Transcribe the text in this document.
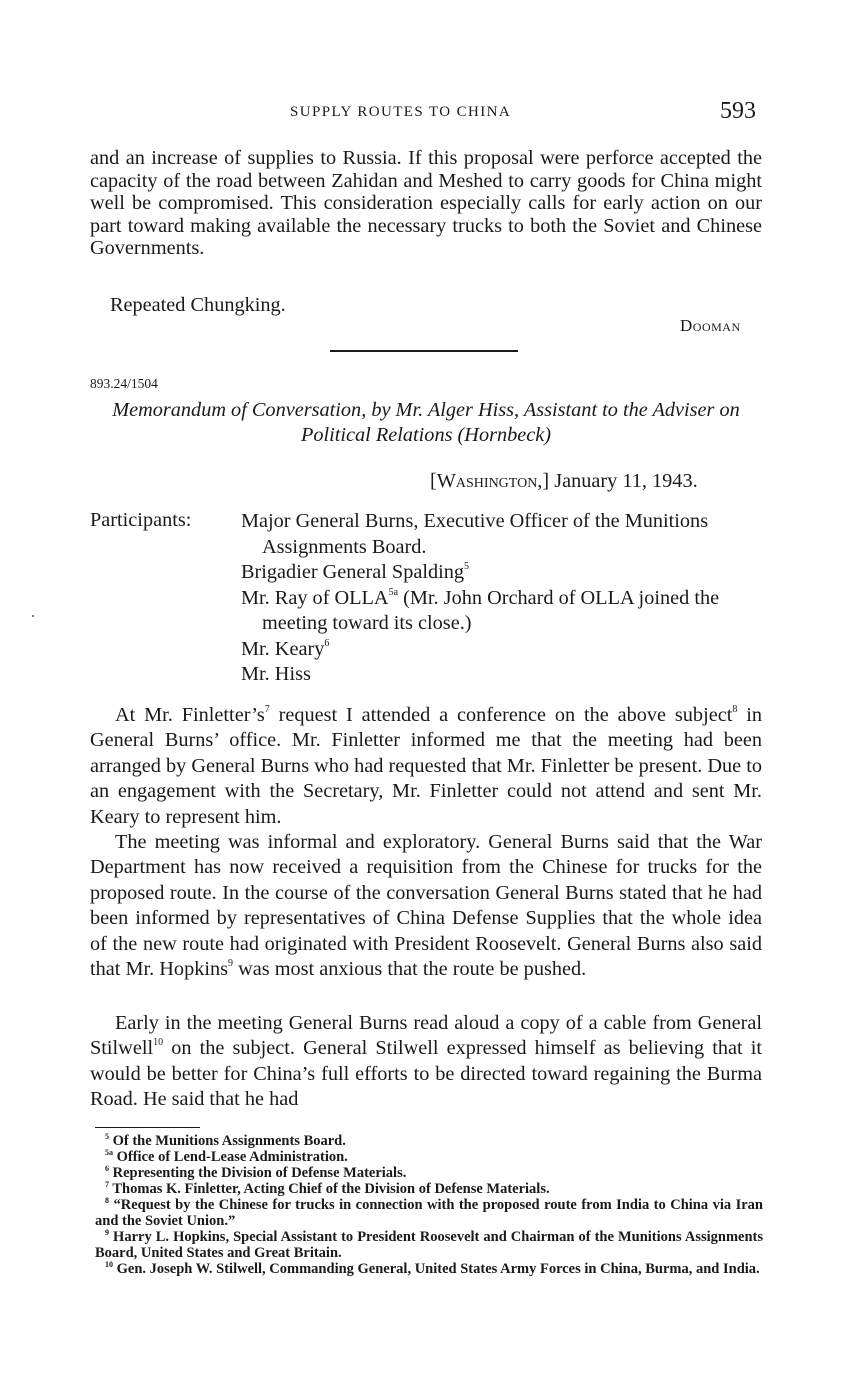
SUPPLY ROUTES TO CHINA	593

and an increase of supplies to Russia. If this proposal were perforce accepted the capacity of the road between Zahidan and Meshed to carry goods for China might well be compromised. This consideration especially calls for early action on our part toward making available the necessary trucks to both the Soviet and Chinese Governments.

Repeated Chungking.

Dooman
893.24/1504
Memorandum of Conversation, by Mr. Alger Hiss, Assistant to the Adviser on Political Relations (Hornbeck)
[Washington,] January 11, 1943.
Participants: Major General Burns, Executive Officer of the Munitions Assignments Board.
Brigadier General Spalding$^5$
Mr. Ray of $OLLA^{5a}$ (Mr. John Orchard of OLLA joined the meeting toward its close.)
Mr. Keary$^6$
Mr. Hiss

At Mr. $Finletter’s^7$ request I attended a conference on the above subject$^8$ in General Burns’ office. Mr. Finletter informed me that the meeting had been arranged by General Burns who had requested that Mr. Finletter be present. Due to an engagement with the Secretary, Mr. Finletter could not attend and sent Mr. Keary to represent him.

The meeting was informal and exploratory. General Burns said that the War Department has now received a requisition from the Chinese for trucks for the proposed route. In the course of the conversation General Burns stated that he had been informed by representatives of China Defense Supplies that the whole idea of the new route had originated with President Roosevelt. General Burns also said that Mr. Hopkins$^9$ was most anxious that the route be pushed.

Early in the meeting General Burns read aloud a copy of a cable from General Stilwell$^{10}$ on the subject. General Stilwell expressed himself as believing that it would be better for China’s full efforts to be directed toward regaining the Burma Road. He said that he had

$^5$ Of the Munitions Assignments Board.
$^{5a}$ Office of Lend-Lease Administration.
$^6$ Representing the Division of Defense Materials.
$^7$ Thomas K. Finletter, Acting Chief of the Division of Defense Materials.
$^8$ “Request by the Chinese for trucks in connection with the proposed route from India to China via Iran and the Soviet Union.”
$^9$ Harry L. Hopkins, Special Assistant to President Roosevelt and Chairman of the Munitions Assignments Board, United States and Great Britain.
$^{10}$ Gen. Joseph W. Stilwell, Commanding General, United States Army Forces in China, Burma, and India.
